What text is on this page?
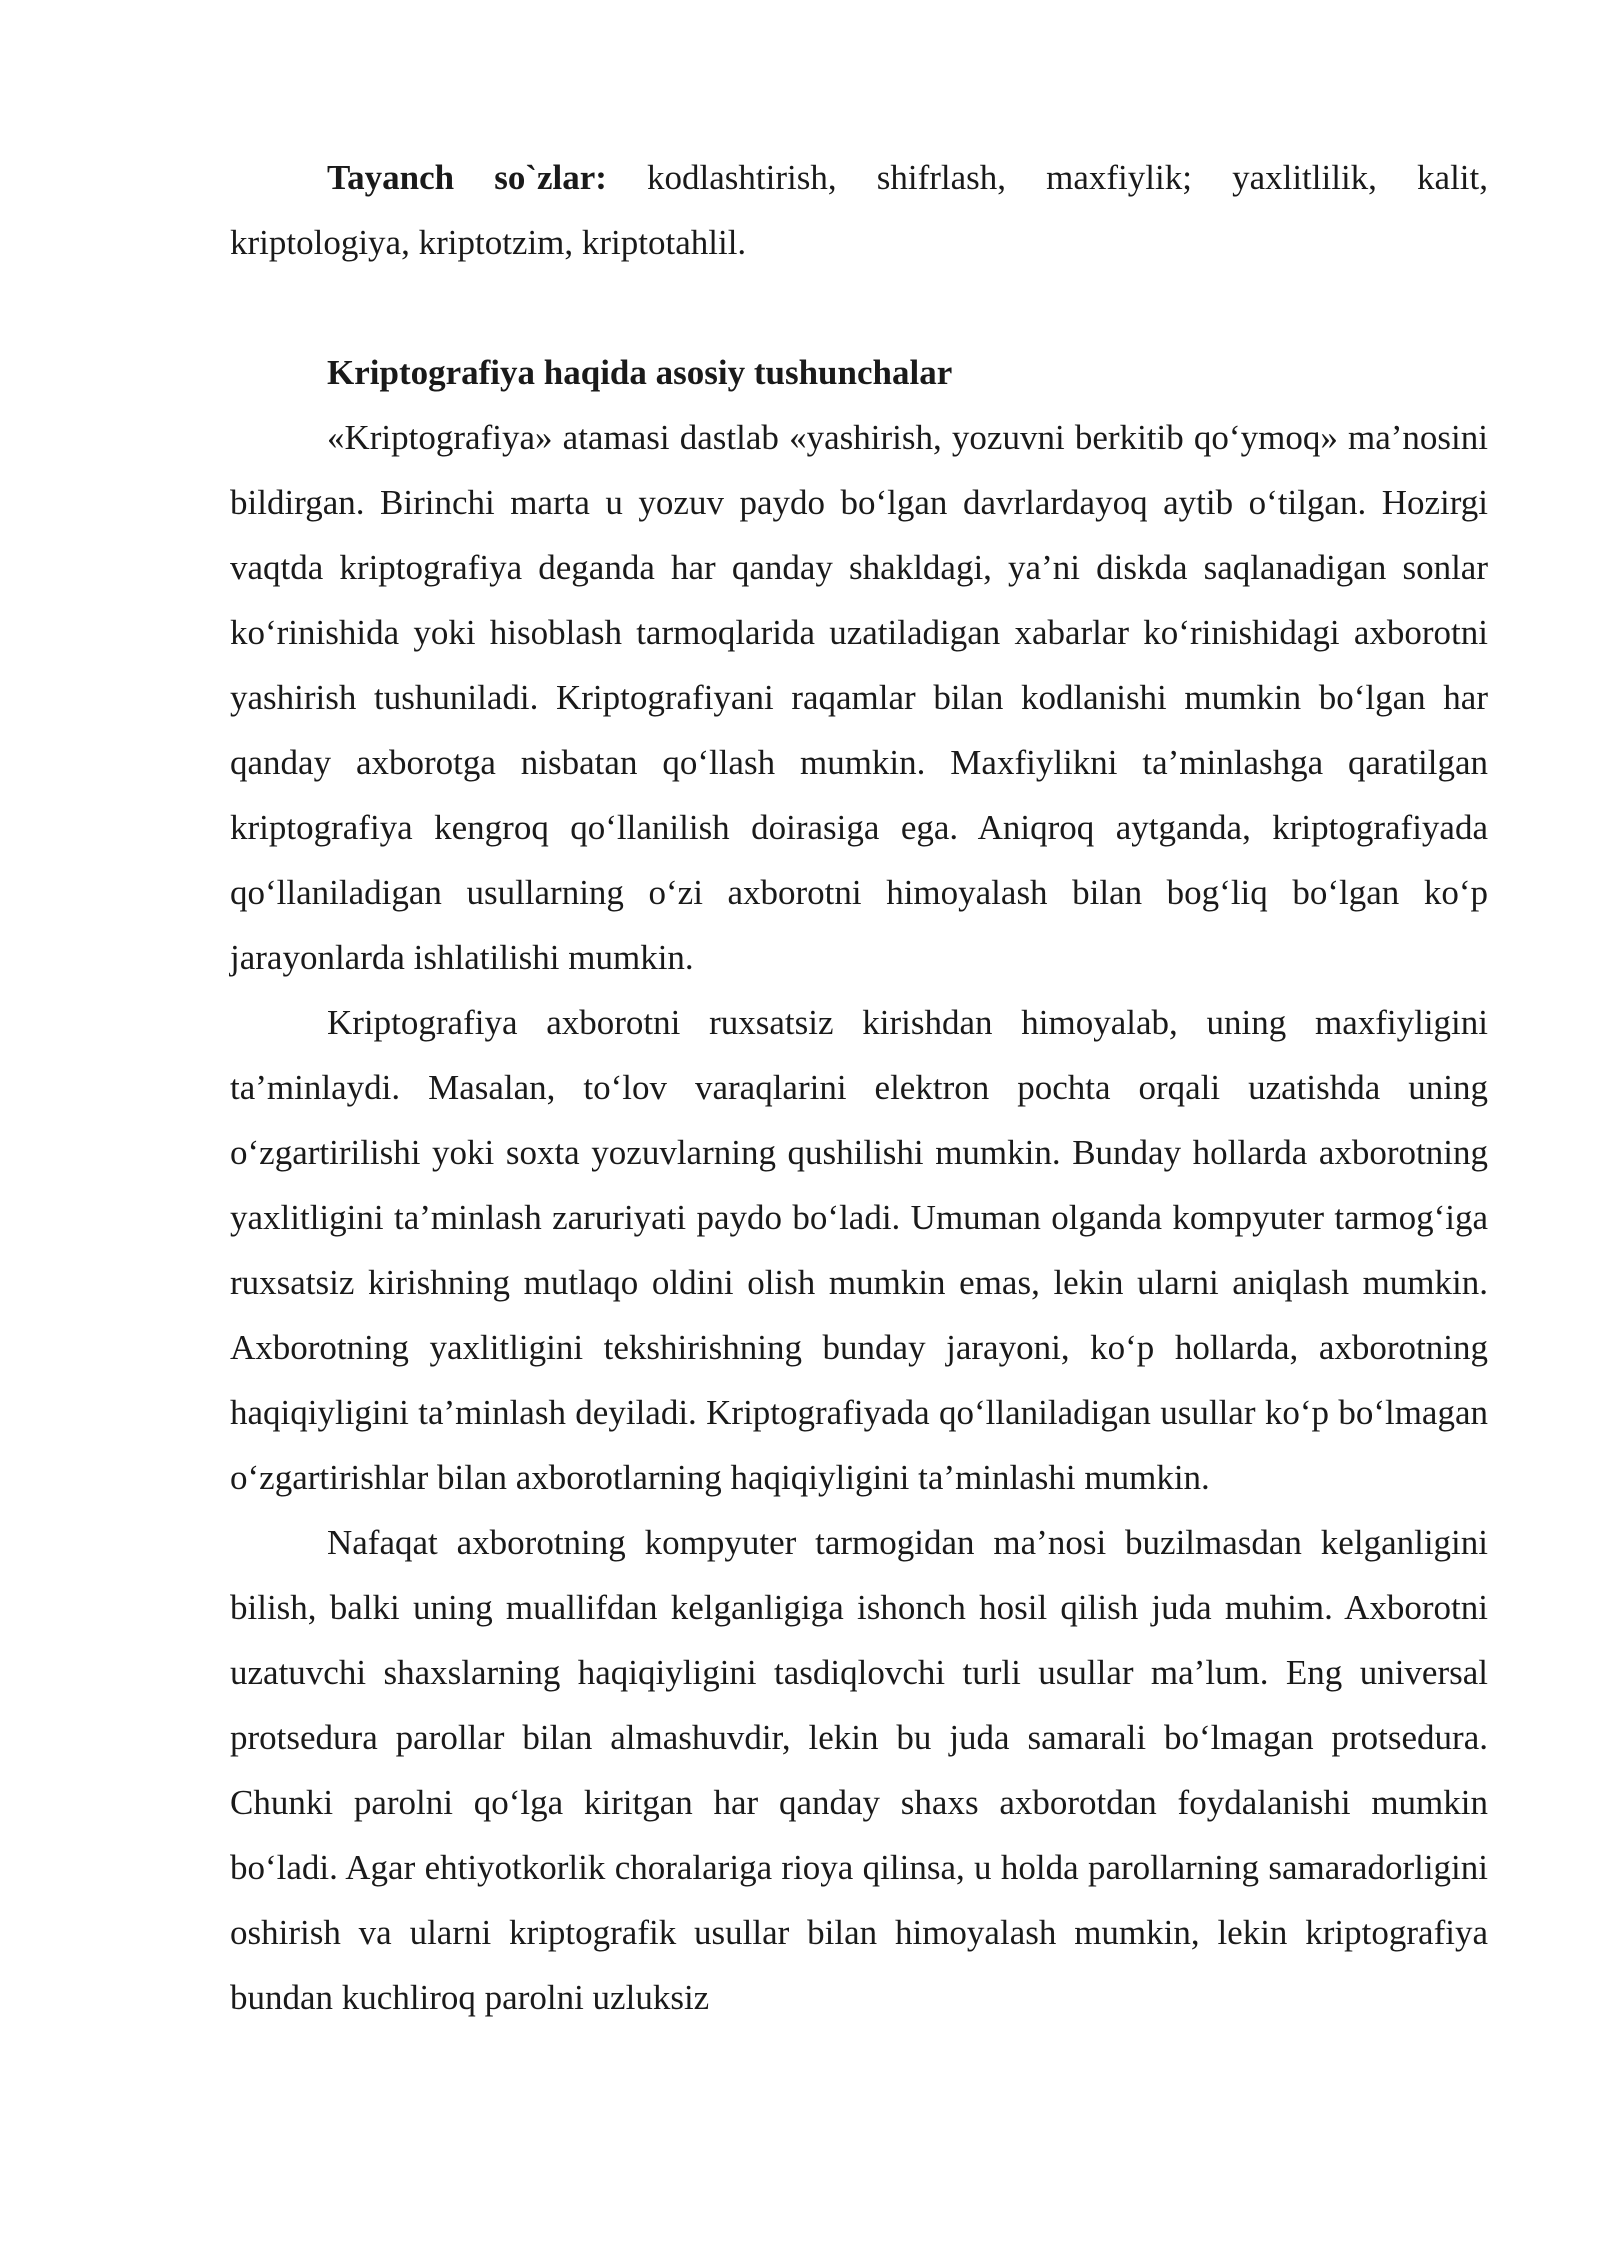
Tayanch so`zlar: kodlashtirish, shifrlash, maxfiylik; yaxlitlilik, kalit, kriptologiya, kriptotzim, kriptotahlil.

Kriptografiya haqida asosiy tushunchalar

«Kriptografiya» atamasi dastlab «yashirish, yozuvni berkitib qo‘ymoq» ma’nosini bildirgan. Birinchi marta u yozuv paydo bo‘lgan davrlardayoq aytib o‘tilgan. Hozirgi vaqtda kriptografiya deganda har qanday shakldagi, ya’ni diskda saqlanadigan sonlar ko‘rinishida yoki hisoblash tarmoqlarida uzatiladigan xabarlar ko‘rinishidagi axborotni yashirish tushuniladi. Kriptografiyani raqamlar bilan kodlanishi mumkin bo‘lgan har qanday axborotga nisbatan qo‘llash mumkin. Maxfiylikni ta’minlashga qaratilgan kriptografiya kengroq qo‘llanilish doirasiga ega. Aniqroq aytganda, kriptografiyada qo‘llaniladigan usullarning o‘zi axborotni himoyalash bilan bog‘liq bo‘lgan ko‘p jarayonlarda ishlatilishi mumkin.

Kriptografiya axborotni ruxsatsiz kirishdan himoyalab, uning maxfiyligini ta’minlaydi. Masalan, to‘lov varaqlarini elektron pochta orqali uzatishda uning o‘zgartirilishi yoki soxta yozuvlarning qushilishi mumkin. Bunday hollarda axborotning yaxlitligini ta’minlash zaruriyati paydo bo‘ladi. Umuman olganda kompyuter tarmog‘iga ruxsatsiz kirishning mutlaqo oldini olish mumkin emas, lekin ularni aniqlash mumkin. Axborotning yaxlitligini tekshirishning bunday jarayoni, ko‘p hollarda, axborotning haqiqiyligini ta’minlash deyiladi. Kriptografiyada qo‘llaniladigan usullar ko‘p bo‘lmagan o‘zgartirishlar bilan axborotlarning haqiqiyligini ta’minlashi mumkin.

Nafaqat axborotning kompyuter tarmogidan ma’nosi buzilmasdan kelganligini bilish, balki uning muallifdan kelganligiga ishonch hosil qilish juda muhim. Axborotni uzatuvchi shaxslarning haqiqiyligini tasdiqlovchi turli usullar ma’lum. Eng universal protsedura parollar bilan almashuvdir, lekin bu juda samarali bo‘lmagan protsedura. Chunki parolni qo‘lga kiritgan har qanday shaxs axborotdan foydalanishi mumkin bo‘ladi. Agar ehtiyotkorlik choralariga rioya qilinsa, u holda parollarning samaradorligini oshirish va ularni kriptografik usullar bilan himoyalash mumkin, lekin kriptografiya bundan kuchliroq parolni uzluksiz
